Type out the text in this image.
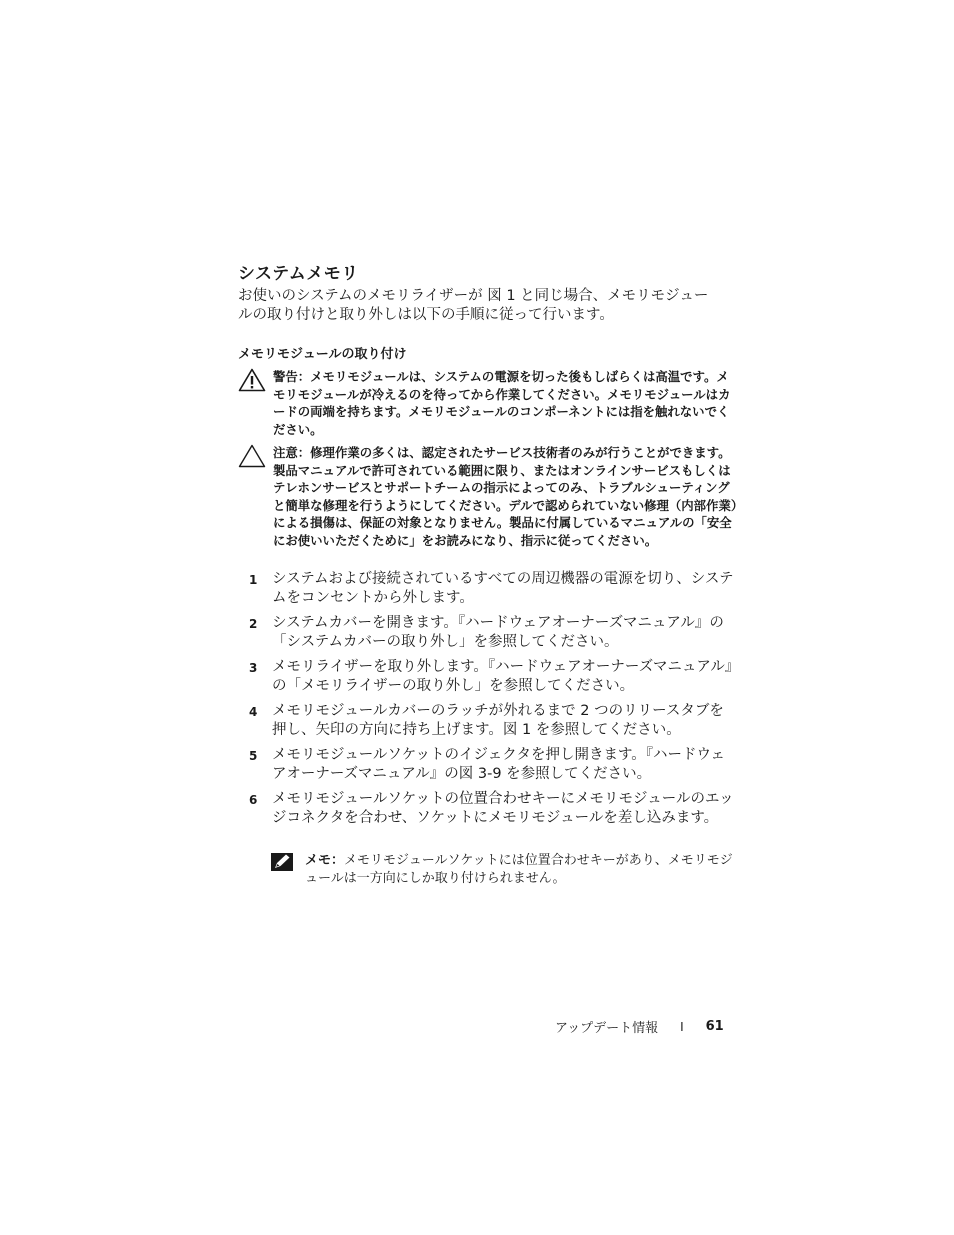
システムメモリ

お使いのシステムのメモリライザーが 図 1 と同じ場合、メモリモジュールの取り付けと取り外しは以下の手順に従って行います。

メモリモジュールの取り付け
警告：メモリモジュールは、システムの電源を切った後もしばらくは高温です。メモリモジュールが冷えるのを待ってから作業してください。メモリモジュールはカードの両端を持ちます。メモリモジュールのコンポーネントには指を触れないでください。
注意：修理作業の多くは、認定されたサービス技術者のみが行うことができます。製品マニュアルで許可されている範囲に限り、またはオンラインサービスもしくはテレホンサービスとサポートチームの指示によってのみ、トラブルシューティングと簡単な修理を行うようにしてください。デルで認められていない修理（内部作業）による損傷は、保証の対象となりません。製品に付属しているマニュアルの「安全にお使いいただくために」をお読みになり、指示に従ってください。
1 システムおよび接続されているすべての周辺機器の電源を切り、システムをコンセントから外します。
2 システムカバーを開きます。『ハードウェアオーナーズマニュアル』の「システムカバーの取り外し」を参照してください。
3 メモリライザーを取り外します。『ハードウェアオーナーズマニュアル』の「メモリライザーの取り外し」を参照してください。
4 メモリモジュールカバーのラッチが外れるまで 2 つのリリースタブを押し、矢印の方向に持ち上げます。図 1 を参照してください。
5 メモリモジュールソケットのイジェクタを押し開きます。『ハードウェアオーナーズマニュアル』の図 3-9 を参照してください。
6 メモリモジュールソケットの位置合わせキーにメモリモジュールのエッジコネクタを合わせ、ソケットにメモリモジュールを差し込みます。
メモ：メモリモジュールソケットには位置合わせキーがあり、メモリモジュールは一方向にしか取り付けられません。
アップデート情報 I 61
